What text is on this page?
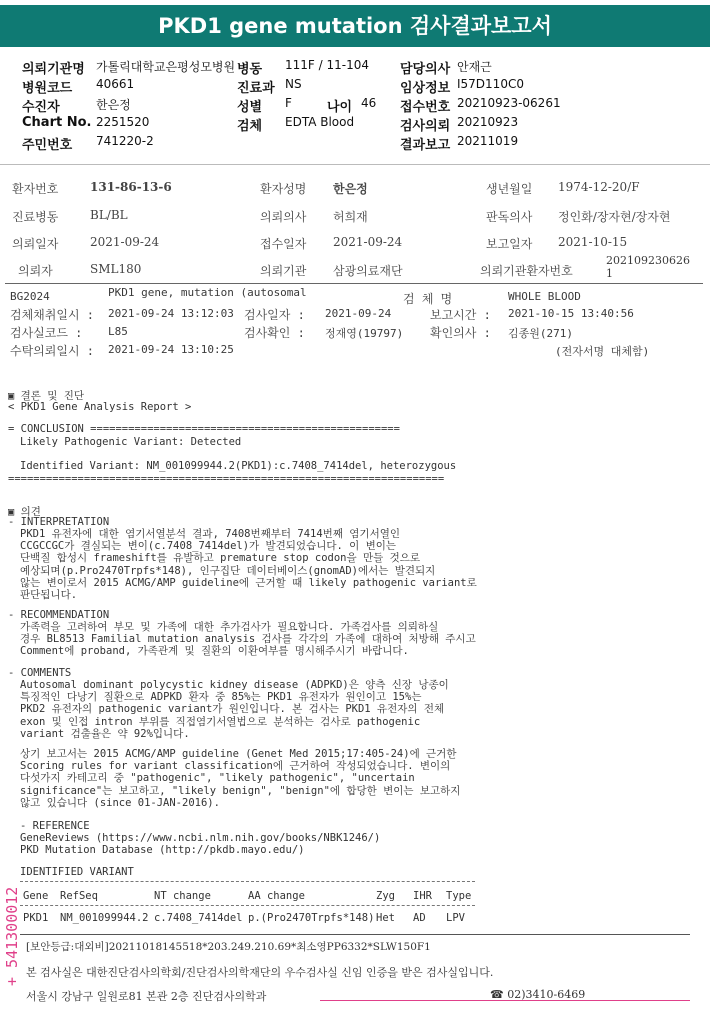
PKD1 gene mutation 검사결과보고서
의뢰기관명 가톨릭대학교은평성모병원 병동 111F / 11-104 담당의사 안재근
병원코드 40661	진료과 NS	임상정보 I57D110C0
수진자	한은정	성별 F	나이 46 접수번호 20210923-06261
Chart No. 2251520	검체 EDTA Blood	검사의뢰 20210923
주민번호 741220-2	결과보고 20211019
환자번호	131-86-13-6	환자성명 한은정	생년월일 1974-12-20/F
진료병동	BL/BL	의뢰의사 허희재	판독의사 정인화/장자현/장자현
의뢰일자	2021-09-24	접수일자 2021-09-24	보고일자 2021-10-15
의뢰자	SML180	의뢰기관 삼광의료재단	의뢰기관환자번호
202109230626
1
BG2024	PKD1 gene, mutation (autosomal	검 체 명	WHOLE BLOOD
검체채취일시 : 2021-09-24 13:12:03 검사일자 : 2021-09-24	보고시간 : 2021-10-15 13:40:56
검사실코드 : L85	검사확인 : 정재영(19797) 확인의사 : 김종원(271)
수탁의뢰일시 : 2021-09-24 13:10:25	(전자서명 대체함)
▣ 결론 및 진단
< PKD1 Gene Analysis Report >
= CONCLUSION =================================================
Likely Pathogenic Variant: Detected
Identified Variant: NM_001099944.2(PKD1):c.7408_7414del, heterozygous
=====================================================================
▣ 의견
- INTERPRETATION
PKD1 유전자에 대한 염기서열분석 결과, 7408번째부터 7414번째 염기서열인
CCGCCGC가 결실되는 변이(c.7408_7414del)가 발견되었습니다. 이 변이는
단백질 합성시 frameshift를 유발하고 premature stop codon을 만들 것으로
예상되며(p.Pro2470Trpfs*148), 인구집단 데이터베이스(gnomAD)에서는 발견되지
않는 변이로서 2015 ACMG/AMP guideline에 근거할 때 likely pathogenic variant로
판단됩니다.
- RECOMMENDATION
가족력을 고려하여 부모 및 가족에 대한 추가검사가 필요합니다. 가족검사를 의뢰하실
경우 BL8513 Familial mutation analysis 검사를 각각의 가족에 대하여 처방해 주시고
Comment에 proband, 가족관계 및 질환의 이환여부를 명시해주시기 바랍니다.
- COMMENTS
Autosomal dominant polycystic kidney disease (ADPKD)은 양측 신장 낭종이
특징적인 다낭기 질환으로 ADPKD 환자 중 85%는 PKD1 유전자가 원인이고 15%는
PKD2 유전자의 pathogenic variant가 원인입니다. 본 검사는 PKD1 유전자의 전체
exon 및 인접 intron 부위를 직접염기서열법으로 분석하는 검사로 pathogenic
variant 검출율은 약 92%입니다.
상기 보고서는 2015 ACMG/AMP guideline (Genet Med 2015;17:405-24)에 근거한
Scoring rules for variant classification에 근거하여 작성되었습니다. 변이의
다섯가지 카테고리 중 "pathogenic", "likely pathogenic", "uncertain
significance"는 보고하고, "likely benign", "benign"에 합당한 변이는 보고하지
않고 있습니다 (since 01-JAN-2016).
- REFERENCE
GeneReviews (https://www.ncbi.nlm.nih.gov/books/NBK1246/)
PKD Mutation Database (http://pkdb.mayo.edu/)
IDENTIFIED VARIANT
Gene RefSeq	NT change	AA change	Zyg IHR Type
PKD1 NM_001099944.2 c.7408_7414del p.(Pro2470Trpfs*148) Het AD LPV
[보안등급:대외비]20211018145518*203.249.210.69*최소영PP6332*SLW150F1
본 검사실은 대한진단검사의학회/진단검사의학재단의 우수검사실 신임 인증을 받은 검사실입니다.
서울시 강남구 일원로81 본관 2층 진단검사의학과	☎ 02)3410-6469
+ 541300012
